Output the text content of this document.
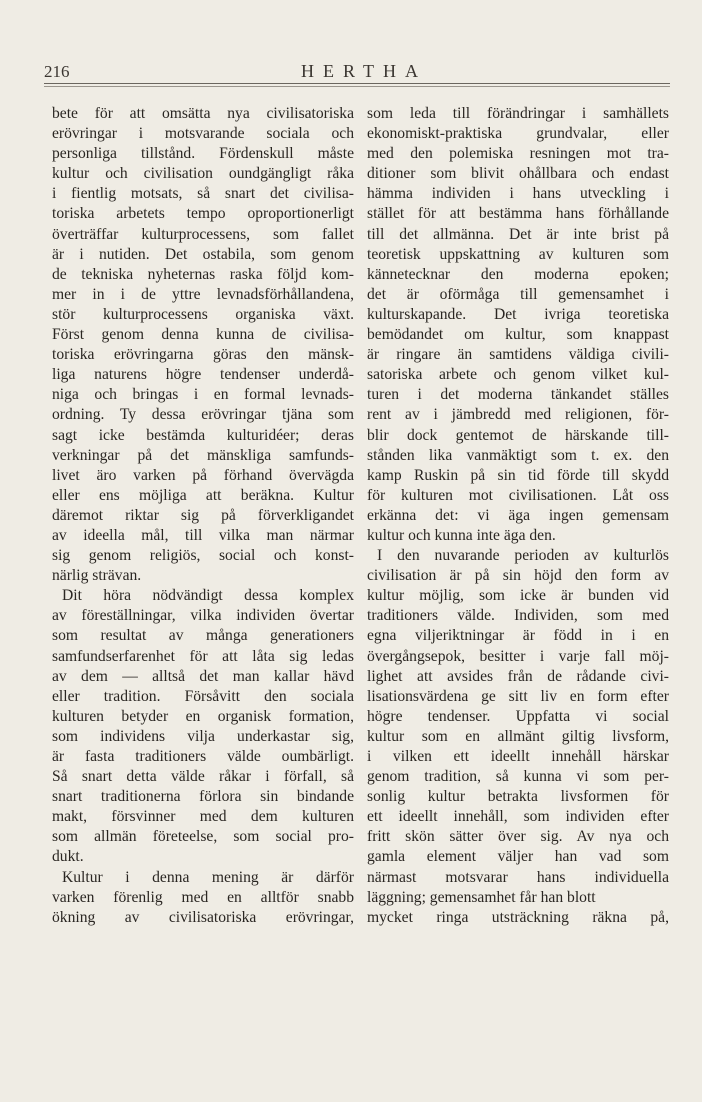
216	HERTHA
bete för att omsätta nya civilisatoriska
erövringar i motsvarande sociala och
personliga tillstånd. Fördenskull måste
kultur och civilisation oundgängligt råka
i fientlig motsats, så snart det civilisa-
toriska arbetets tempo oproportionerligt
överträffar kulturprocessens, som fallet
är i nutiden. Det ostabila, som genom
de tekniska nyheternas raska följd kom-
mer in i de yttre levnadsförhållandena,
stör kulturprocessens organiska växt.
Först genom denna kunna de civilisa-
toriska erövringarna göras den mänsk-
liga naturens högre tendenser underdå-
niga och bringas i en formal levnads-
ordning. Ty dessa erövringar tjäna som
sagt icke bestämda kulturidéer; deras
verkningar på det mänskliga samfunds-
livet äro varken på förhand övervägda
eller ens möjliga att beräkna. Kultur
däremot riktar sig på förverkligandet
av ideella mål, till vilka man närmar
sig genom religiös, social och konst-
närlig strävan.
Dit höra nödvändigt dessa komplex
av föreställningar, vilka individen övertar
som resultat av många generationers
samfundserfarenhet för att låta sig ledas
av dem — alltså det man kallar hävd
eller tradition. Försåvitt den sociala
kulturen betyder en organisk formation,
som individens vilja underkastar sig,
är fasta traditioners välde oumbärligt.
Så snart detta välde råkar i förfall, så
snart traditionerna förlora sin bindande
makt, försvinner med dem kulturen
som allmän företeelse, som social pro-
dukt.
Kultur i denna mening är därför
varken förenlig med en alltför snabb
ökning av civilisatoriska erövringar,
som leda till förändringar i samhällets
ekonomiskt-praktiska grundvalar, eller
med den polemiska resningen mot tra-
ditioner som blivit ohållbara och endast
hämma individen i hans utveckling i
stället för att bestämma hans förhållande
till det allmänna. Det är inte brist på
teoretisk uppskattning av kulturen som
kännetecknar den moderna epoken;
det är oförmåga till gemensamhet i
kulturskapande. Det ivriga teoretiska
bemödandet om kultur, som knappast
är ringare än samtidens väldiga civili-
satoriska arbete och genom vilket kul-
turen i det moderna tänkandet ställes
rent av i jämbredd med religionen, för-
blir dock gentemot de härskande till-
stånden lika vanmäktigt som t. ex. den
kamp Ruskin på sin tid förde till skydd
för kulturen mot civilisationen. Låt oss
erkänna det: vi äga ingen gemensam
kultur och kunna inte äga den.
I den nuvarande perioden av kulturlös
civilisation är på sin höjd den form av
kultur möjlig, som icke är bunden vid
traditioners välde. Individen, som med
egna viljeriktningar är född in i en
övergångsepok, besitter i varje fall möj-
lighet att avsides från de rådande civi-
lisationsvärdena ge sitt liv en form efter
högre tendenser. Uppfatta vi social
kultur som en allmänt giltig livsform,
i vilken ett ideellt innehåll härskar
genom tradition, så kunna vi som per-
sonlig kultur betrakta livsformen för
ett ideellt innehåll, som individen efter
fritt skön sätter över sig. Av nya och
gamla element väljer han vad som
närmast motsvarar hans individuella
läggning; gemensamhet får han blott
mycket ringa utsträckning räkna på,
